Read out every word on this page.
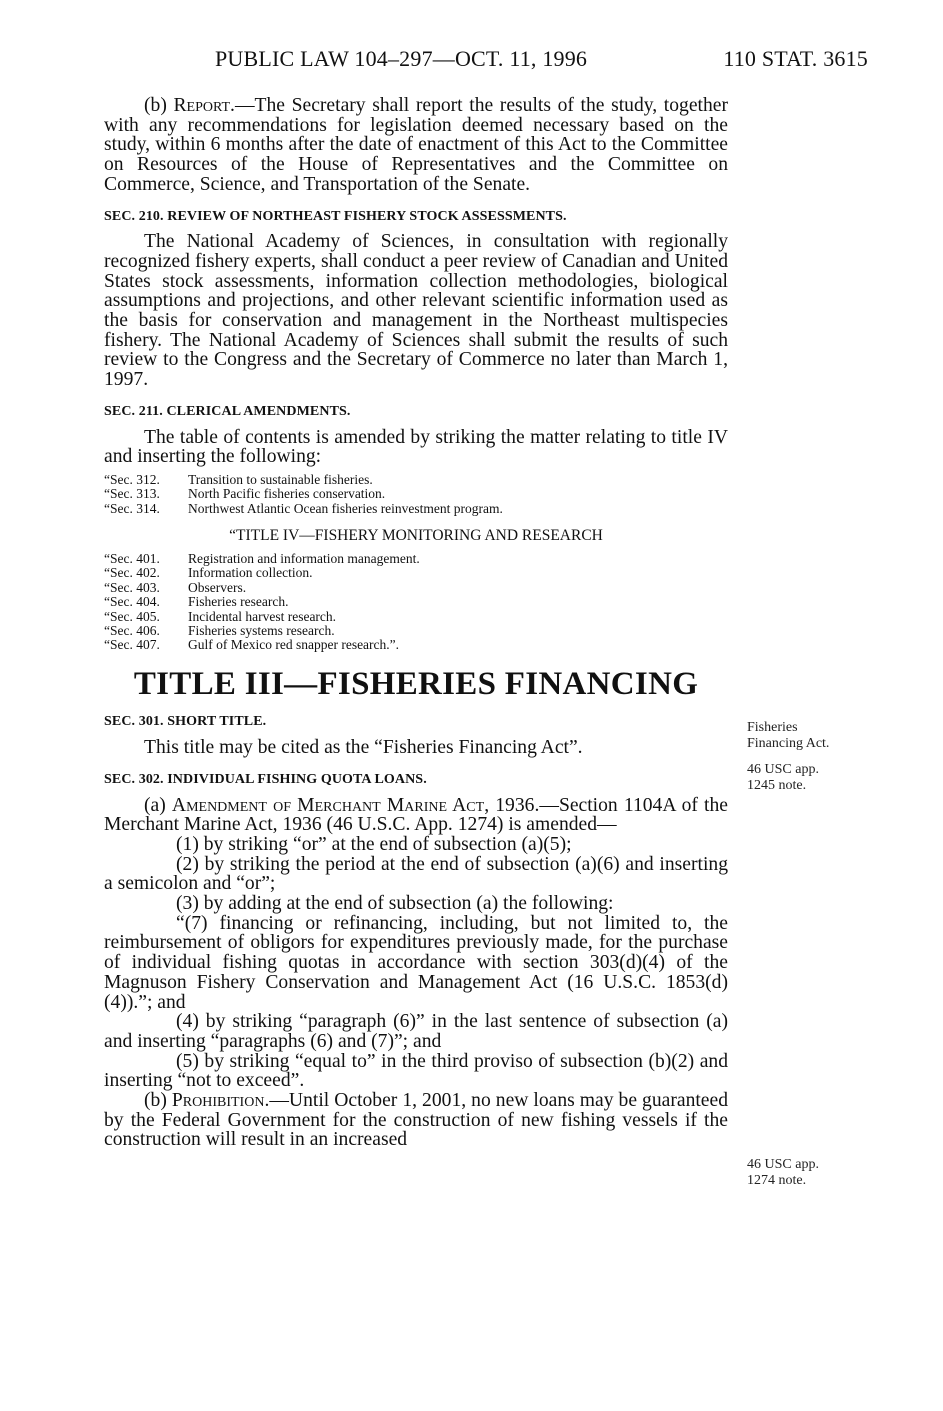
PUBLIC LAW 104–297—OCT. 11, 1996	110 STAT. 3615

(b) Report.—The Secretary shall report the results of the study, together with any recommendations for legislation deemed necessary based on the study, within 6 months after the date of enactment of this Act to the Committee on Resources of the House of Representatives and the Committee on Commerce, Science, and Transportation of the Senate.

SEC. 210. REVIEW OF NORTHEAST FISHERY STOCK ASSESSMENTS.

The National Academy of Sciences, in consultation with regionally recognized fishery experts, shall conduct a peer review of Canadian and United States stock assessments, information collection methodologies, biological assumptions and projections, and other relevant scientific information used as the basis for conservation and management in the Northeast multispecies fishery. The National Academy of Sciences shall submit the results of such review to the Congress and the Secretary of Commerce no later than March 1, 1997.

SEC. 211. CLERICAL AMENDMENTS.

The table of contents is amended by striking the matter relating to title IV and inserting the following:

“Sec. 312.	Transition to sustainable fisheries.
“Sec. 313.	North Pacific fisheries conservation.
“Sec. 314.	Northwest Atlantic Ocean fisheries reinvestment program.
“TITLE IV—FISHERY MONITORING AND RESEARCH
“Sec. 401.	Registration and information management.
“Sec. 402.	Information collection.
“Sec. 403.	Observers.
“Sec. 404.	Fisheries research.
“Sec. 405.	Incidental harvest research.
“Sec. 406.	Fisheries systems research.
“Sec. 407.	Gulf of Mexico red snapper research.”.
TITLE III—FISHERIES FINANCING
SEC. 301. SHORT TITLE.

This title may be cited as the “Fisheries Financing Act”.

SEC. 302. INDIVIDUAL FISHING QUOTA LOANS.

(a) Amendment of Merchant Marine Act, 1936.—Section 1104A of the Merchant Marine Act, 1936 (46 U.S.C. App. 1274) is amended—

(1) by striking “or” at the end of subsection (a)(5);

(2) by striking the period at the end of subsection (a)(6) and inserting a semicolon and “or”;

(3) by adding at the end of subsection (a) the following:

“(7) financing or refinancing, including, but not limited to, the reimbursement of obligors for expenditures previously made, for the purchase of individual fishing quotas in accordance with section 303(d)(4) of the Magnuson Fishery Conservation and Management Act (16 U.S.C. 1853(d)(4)).”; and

(4) by striking “paragraph (6)” in the last sentence of subsection (a) and inserting “paragraphs (6) and (7)”; and

(5) by striking “equal to” in the third proviso of subsection (b)(2) and inserting “not to exceed”.

(b) Prohibition.—Until October 1, 2001, no new loans may be guaranteed by the Federal Government for the construction of new fishing vessels if the construction will result in an increased

Fisheries Financing Act.
46 USC app. 1245 note.
46 USC app. 1274 note.
